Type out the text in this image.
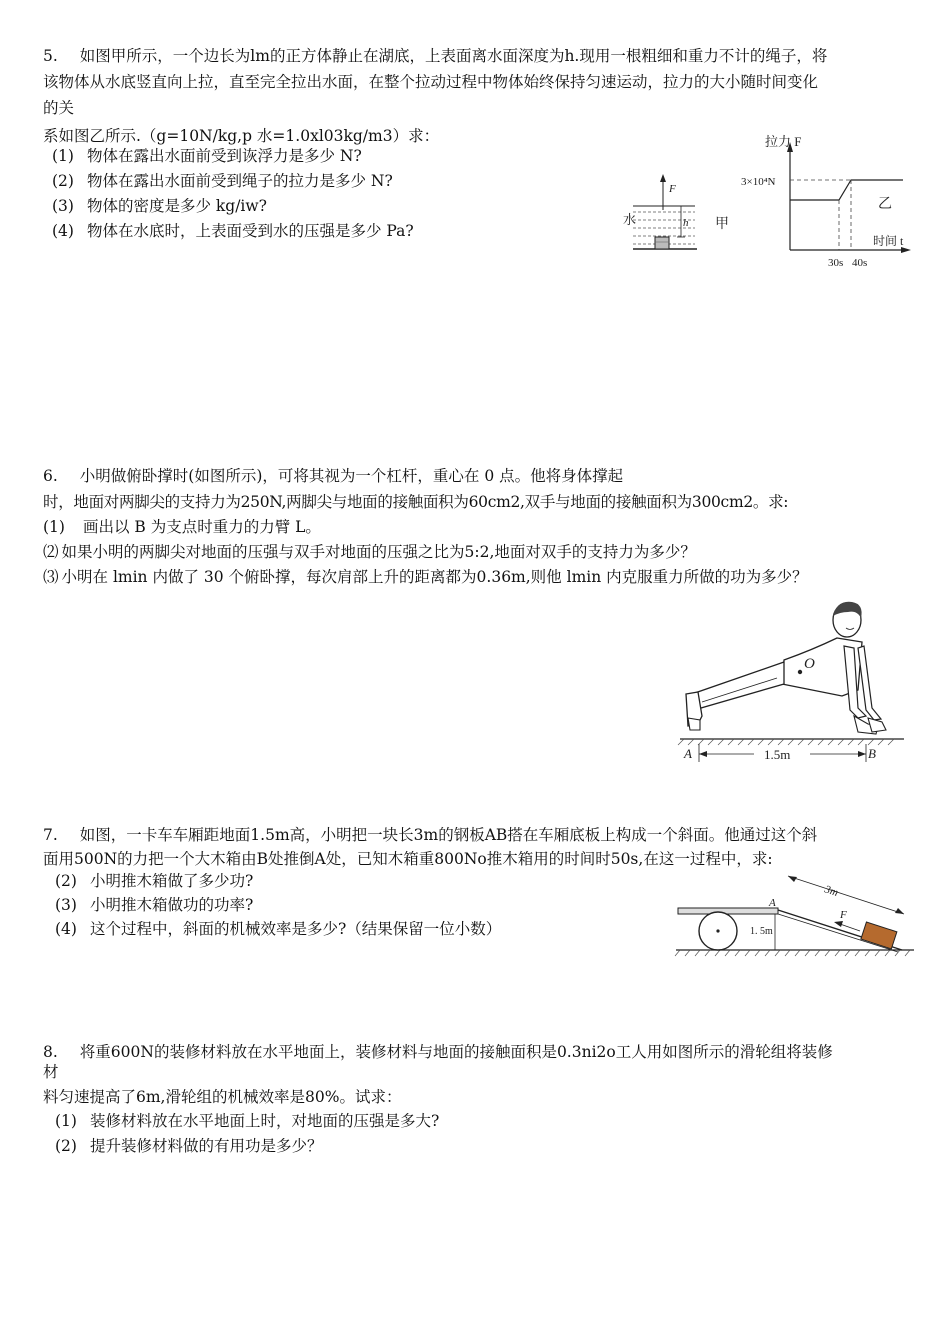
5. 如图甲所示，一个边长为lm的正方体静止在湖底，上表面离水面深度为h.现用一根粗细和重力不计的绳子，将
该物体从水底竖直向上拉，直至完全拉出水面，在整个拉动过程中物体始终保持匀速运动，拉力的大小随时间变化
的关
系如图乙所示.（g=10N/kg,p 水=1.0xl03kg/m3）求：
(1) 物体在露出水面前受到诙浮力是多少 N?
(2) 物体在露出水面前受到绳子的拉力是多少 N?
(3) 物体的密度是多少 kg/iw?
(4) 物体在水底时，上表面受到水的压强是多少 Pa?
F
h
水	甲
拉力 F
3×10⁴N
时间 t
30s 40s
乙
6. 小明做俯卧撑时(如图所示)，可将其视为一个杠杆，重心在 0 点。他将身体撑起
时，地面对两脚尖的支持力为250N,两脚尖与地面的接触面积为60cm2,双手与地面的接触面积为300cm2。求:
(1) 画出以 B 为支点时重力的力臂 L。
⑵ 如果小明的两脚尖对地面的压强与双手对地面的压强之比为5:2,地面对双手的支持力为多少？
⑶ 小明在 lmin 内做了 30 个俯卧撑，每次肩部上升的距离都为0.36m,则他 lmin 内克服重力所做的功为多少？
O
A	B
1.5m
7. 如图，一卡车车厢距地面1.5m高，小明把一块长3m的钢板AB搭在车厢底板上构成一个斜面。他通过这个斜
面用500N的力把一个大木箱由B处推倒A处，已知木箱重800No推木箱用的时间时50s,在这一过程中，求:
(2) 小明推木箱做了多少功?
(3) 小明推木箱做功的功率?
(4) 这个过程中，斜面的机械效率是多少?（结果保留一位小数）	1. 5m
A
3m
F
8. 将重600N的装修材料放在水平地面上，装修材料与地面的接触面积是0.3ni2o工人用如图所示的滑轮组将装修
材
料匀速提高了6m,滑轮组的机械效率是80%。试求：
(1) 装修材料放在水平地面上时，对地面的压强是多大?
(2) 提升装修材料做的有用功是多少？
